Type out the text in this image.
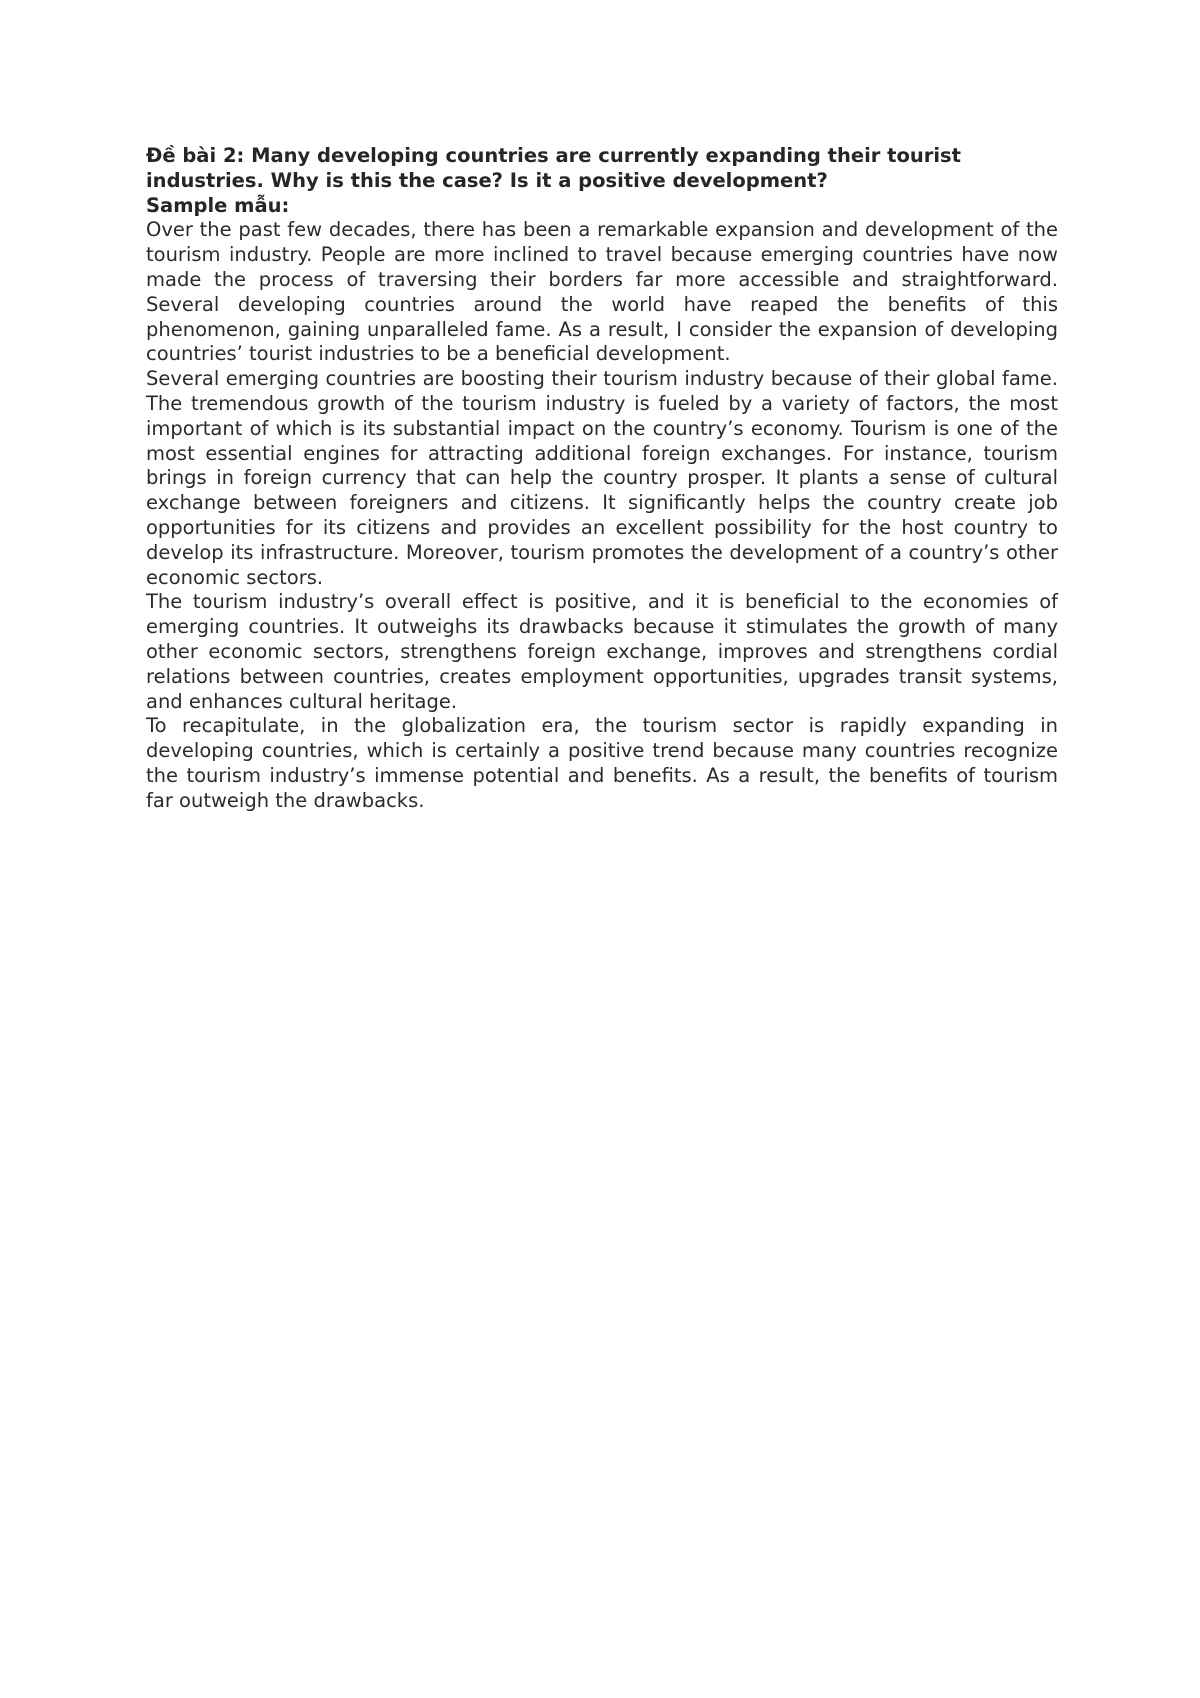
Đề bài 2: Many developing countries are currently expanding their tourist industries. Why is this the case? Is it a positive development?

Sample mẫu:

Over the past few decades, there has been a remarkable expansion and development of the tourism industry. People are more inclined to travel because emerging countries have now made the process of traversing their borders far more accessible and straightforward. Several developing countries around the world have reaped the benefits of this phenomenon, gaining unparalleled fame. As a result, I consider the expansion of developing countries’ tourist industries to be a beneficial development.

Several emerging countries are boosting their tourism industry because of their global fame. The tremendous growth of the tourism industry is fueled by a variety of factors, the most important of which is its substantial impact on the country’s economy. Tourism is one of the most essential engines for attracting additional foreign exchanges. For instance, tourism brings in foreign currency that can help the country prosper. It plants a sense of cultural exchange between foreigners and citizens. It significantly helps the country create job opportunities for its citizens and provides an excellent possibility for the host country to develop its infrastructure. Moreover, tourism promotes the development of a country’s other economic sectors.

The tourism industry’s overall effect is positive, and it is beneficial to the economies of emerging countries. It outweighs its drawbacks because it stimulates the growth of many other economic sectors, strengthens foreign exchange, improves and strengthens cordial relations between countries, creates employment opportunities, upgrades transit systems, and enhances cultural heritage.

To recapitulate, in the globalization era, the tourism sector is rapidly expanding in developing countries, which is certainly a positive trend because many countries recognize the tourism industry’s immense potential and benefits. As a result, the benefits of tourism far outweigh the drawbacks.
